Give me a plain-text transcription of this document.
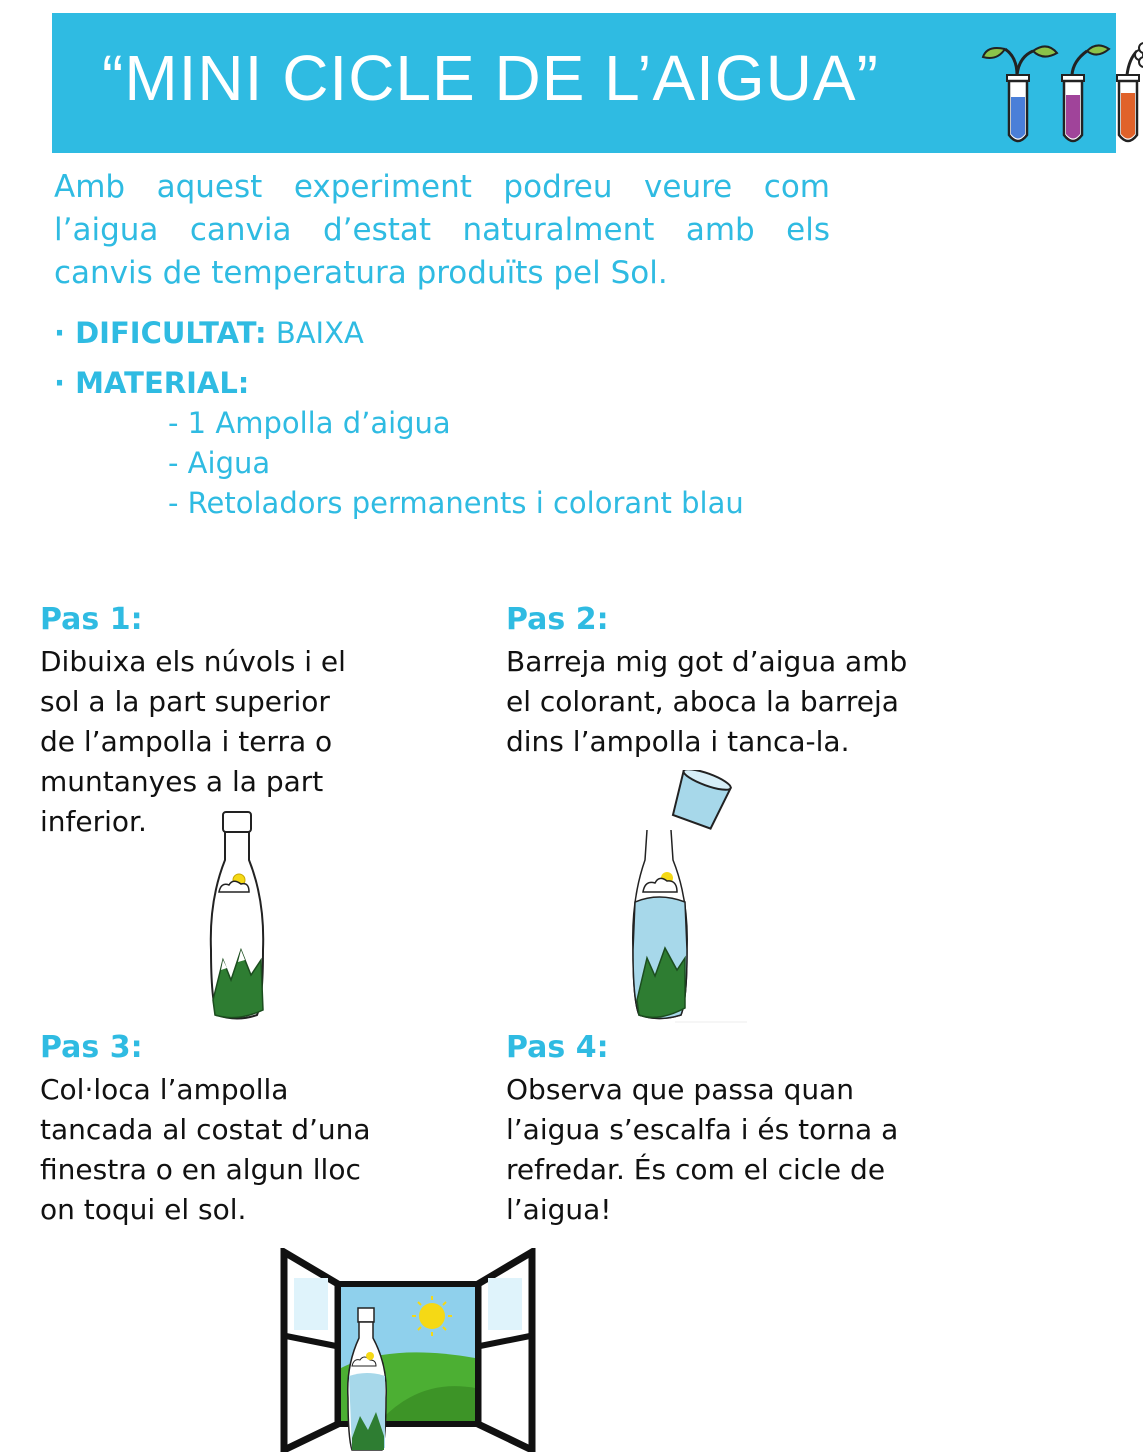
“MINI CICLE DE L’AIGUA”
Amb aquest experiment podreu veure com l’aigua canvia d’estat naturalment amb els canvis de temperatura produïts pel Sol.
· DIFICULTAT: BAIXA
· MATERIAL:
- 1 Ampolla d’aigua
- Aigua
- Retoladors permanents i colorant blau
Pas 1:
Dibuixa els núvols i el
sol a la part superior
de l’ampolla i terra o
muntanyes a la part
inferior.
Pas 2:
Barreja mig got d’aigua amb
el colorant, aboca la barreja
dins l’ampolla i tanca-la.
Pas 3:
Col·loca l’ampolla
tancada al costat d’una
finestra o en algun lloc
on toqui el sol.
Pas 4:
Observa que passa quan
l’aigua s’escalfa i és torna a
refredar. És com el cicle de
l’aigua!
